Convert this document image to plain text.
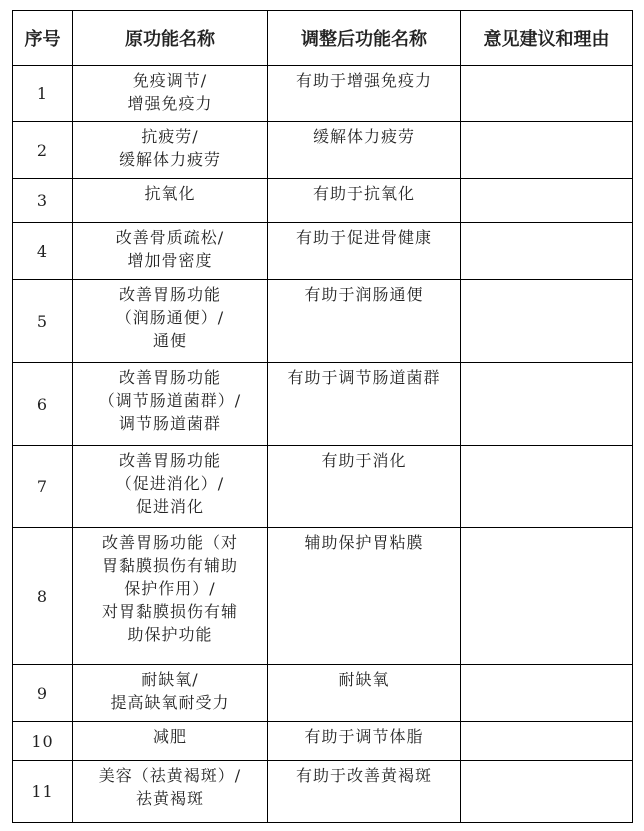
序号	原功能名称	调整后功能名称	意见建议和理由
1	免疫调节/
增强免疫力	有助于增强免疫力	
2	抗疲劳/
缓解体力疲劳	缓解体力疲劳	
3	抗氧化	有助于抗氧化	
4	改善骨质疏松/
增加骨密度	有助于促进骨健康	
5	改善胃肠功能
（润肠通便）/
通便	有助于润肠通便	
6	改善胃肠功能
（调节肠道菌群）/
调节肠道菌群	有助于调节肠道菌群	
7	改善胃肠功能
（促进消化）/
促进消化	有助于消化	
8	改善胃肠功能（对
胃黏膜损伤有辅助
保护作用）/
对胃黏膜损伤有辅
助保护功能	辅助保护胃粘膜	
9	耐缺氧/
提高缺氧耐受力	耐缺氧	
10	减肥	有助于调节体脂	
11	美容（祛黄褐斑）/
祛黄褐斑	有助于改善黄褐斑	
